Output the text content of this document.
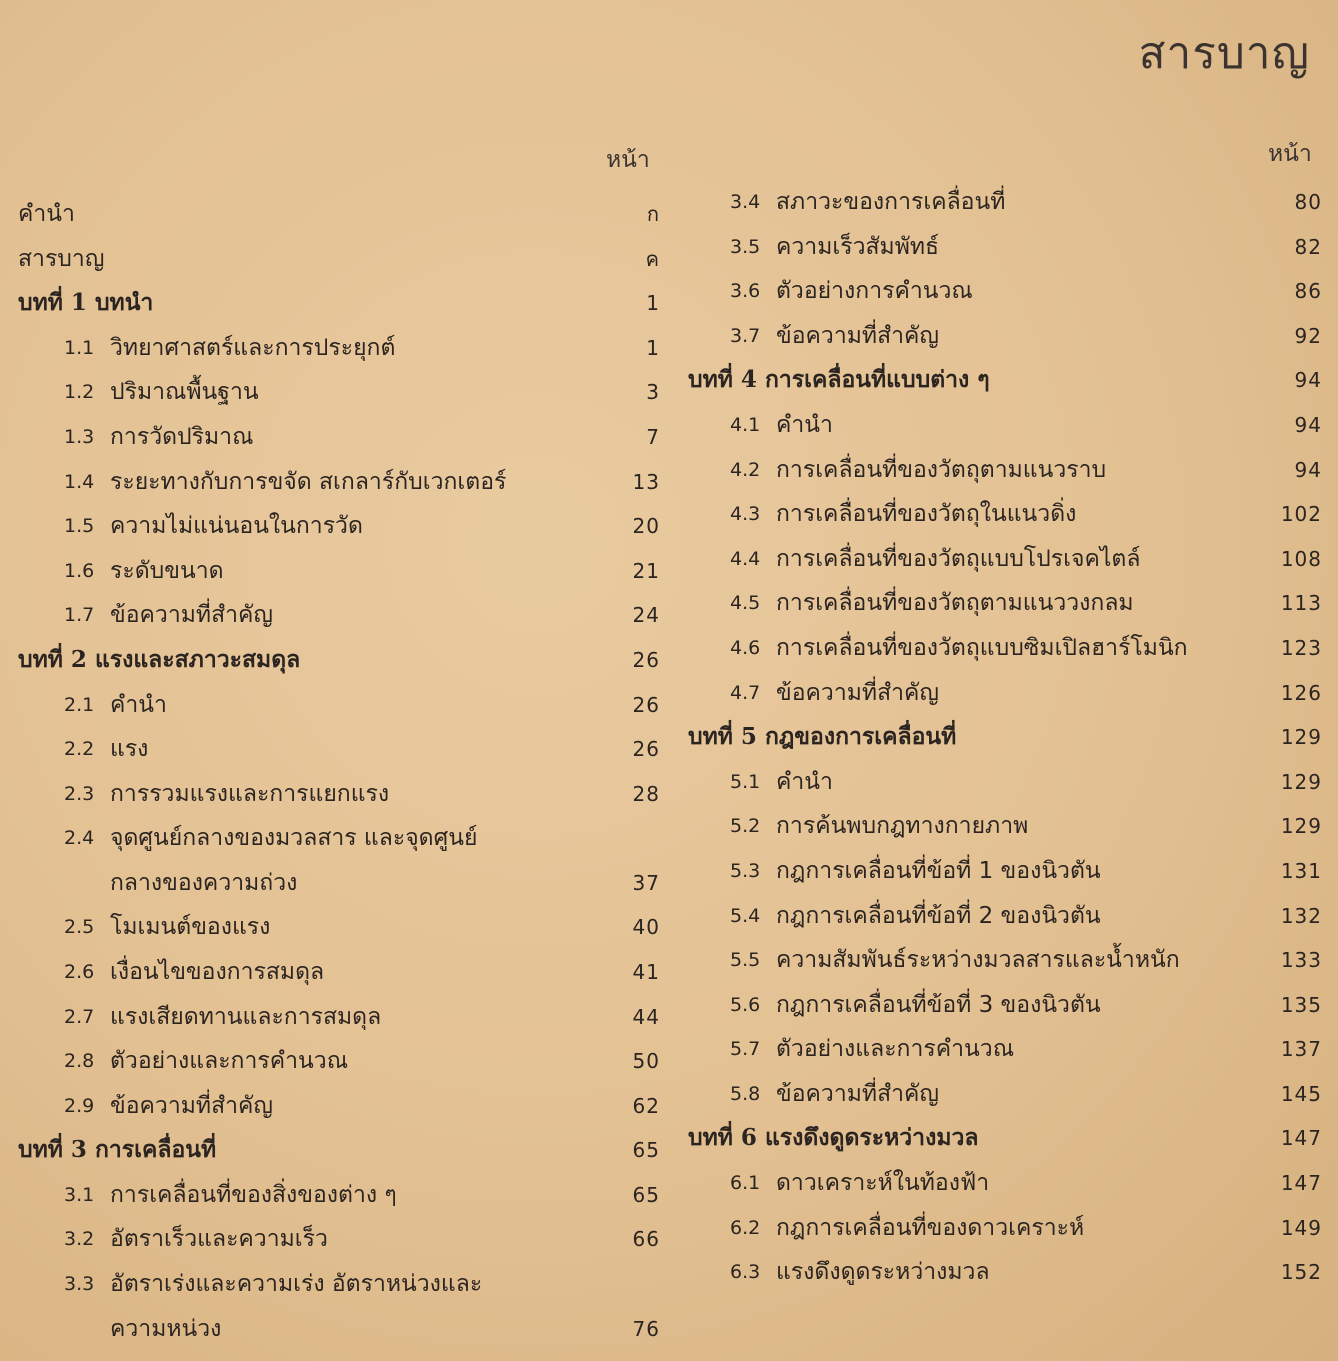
สารบาญ
หน้า	หน้า
คำนำ	ก
สารบาญ	ค
บทที่ 1 บทนำ	1
1.1 วิทยาศาสตร์และการประยุกต์	1
1.2 ปริมาณพื้นฐาน	3
1.3 การวัดปริมาณ	7
1.4 ระยะทางกับการขจัด สเกลาร์กับเวกเตอร์	13
1.5 ความไม่แน่นอนในการวัด	20
1.6 ระดับขนาด	21
1.7 ข้อความที่สำคัญ	24
บทที่ 2 แรงและสภาวะสมดุล	26
2.1 คำนำ	26
2.2 แรง	26
2.3 การรวมแรงและการแยกแรง	28
2.4 จุดศูนย์กลางของมวลสาร และจุดศูนย์
กลางของความถ่วง	37
2.5 โมเมนต์ของแรง	40
2.6 เงื่อนไขของการสมดุล	41
2.7 แรงเสียดทานและการสมดุล	44
2.8 ตัวอย่างและการคำนวณ	50
2.9 ข้อความที่สำคัญ	62
บทที่ 3 การเคลื่อนที่	65
3.1 การเคลื่อนที่ของสิ่งของต่าง ๆ	65
3.2 อัตราเร็วและความเร็ว	66
3.3 อัตราเร่งและความเร่ง อัตราหน่วงและ
ความหน่วง	76
3.4 สภาวะของการเคลื่อนที่	80
3.5 ความเร็วสัมพัทธ์	82
3.6 ตัวอย่างการคำนวณ	86
3.7 ข้อความที่สำคัญ	92
บทที่ 4 การเคลื่อนที่แบบต่าง ๆ	94
4.1 คำนำ	94
4.2 การเคลื่อนที่ของวัตถุตามแนวราบ	94
4.3 การเคลื่อนที่ของวัตถุในแนวดิ่ง	102
4.4 การเคลื่อนที่ของวัตถุแบบโปรเจคไตล์	108
4.5 การเคลื่อนที่ของวัตถุตามแนววงกลม	113
4.6 การเคลื่อนที่ของวัตถุแบบซิมเปิลฮาร์โมนิก	123
4.7 ข้อความที่สำคัญ	126
บทที่ 5 กฎของการเคลื่อนที่	129
5.1 คำนำ	129
5.2 การค้นพบกฎทางกายภาพ	129
5.3 กฎการเคลื่อนที่ข้อที่ 1 ของนิวตัน	131
5.4 กฎการเคลื่อนที่ข้อที่ 2 ของนิวตัน	132
5.5 ความสัมพันธ์ระหว่างมวลสารและน้ำหนัก	133
5.6 กฎการเคลื่อนที่ข้อที่ 3 ของนิวตัน	135
5.7 ตัวอย่างและการคำนวณ	137
5.8 ข้อความที่สำคัญ	145
บทที่ 6 แรงดึงดูดระหว่างมวล	147
6.1 ดาวเคราะห์ในท้องฟ้า	147
6.2 กฎการเคลื่อนที่ของดาวเคราะห์	149
6.3 แรงดึงดูดระหว่างมวล	152
